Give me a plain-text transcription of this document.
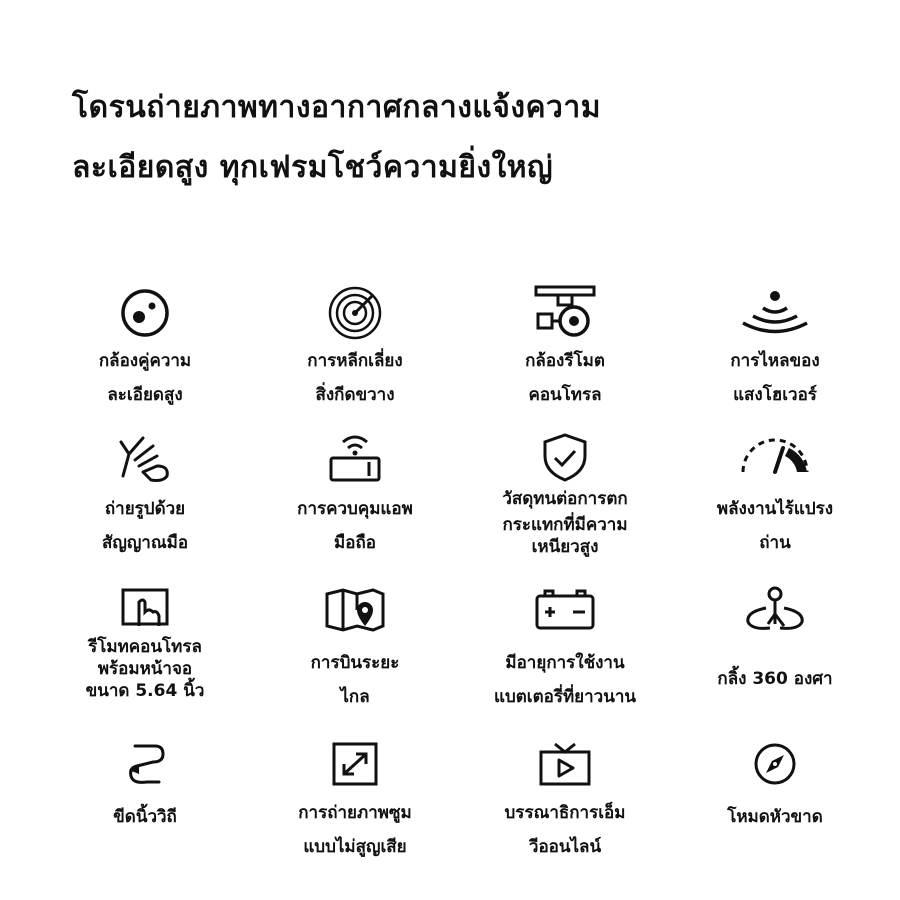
โดรนถ่ายภาพทางอากาศกลางแจ้งความ
ละเอียดสูง ทุกเฟรมโชว์ความยิ่งใหญ่
กล้องคู่ความ
ละเอียดสูง
การหลีกเลี่ยง
สิ่งกีดขวาง
กล้องรีโมต
คอนโทรล
การไหลของ
แสงโฮเวอร์
ถ่ายรูปด้วย
สัญญาณมือ
การควบคุมแอพ
มือถือ
วัสดุทนต่อการตก
กระแทกที่มีความ
เหนียวสูง
พลังงานไร้แปรง
ถ่าน
รีโมทคอนโทรล
พร้อมหน้าจอ
ขนาด 5.64 นิ้ว
การบินระยะ
ไกล
มีอายุการใช้งาน
แบตเตอรี่ที่ยาวนาน
กลิ้ง 360 องศา
ขีดนิ้ววิถี	การถ่ายภาพซูม
แบบไม่สูญเสีย
บรรณาธิการเอ็ม
วีออนไลน์
โหมดหัวขาด
